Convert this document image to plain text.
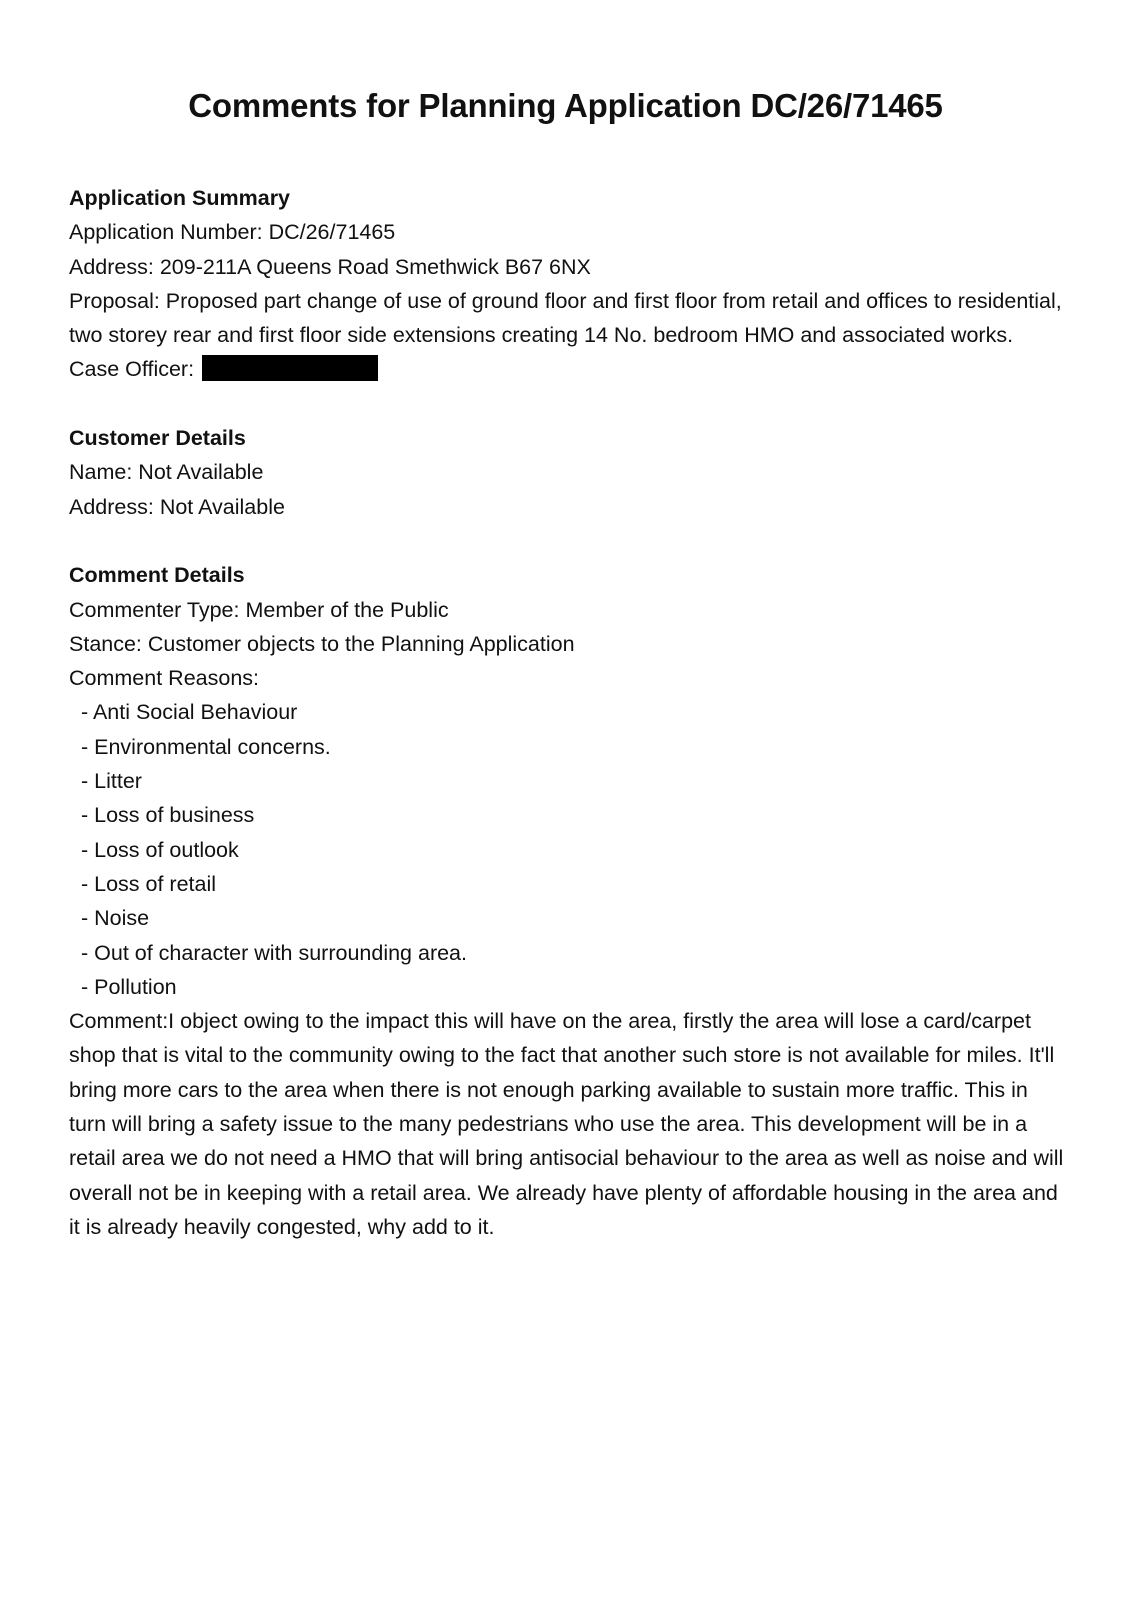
Comments for Planning Application DC/26/71465
Application Summary

Application Number: DC/26/71465

Address: 209-211A Queens Road Smethwick B67 6NX

Proposal: Proposed part change of use of ground floor and first floor from retail and offices to residential, two storey rear and first floor side extensions creating 14 No. bedroom HMO and associated works.

Case Officer:

Customer Details

Name: Not Available

Address: Not Available

Comment Details

Commenter Type: Member of the Public

Stance: Customer objects to the Planning Application

Comment Reasons:

- Anti Social Behaviour
- Environmental concerns.
- Litter
- Loss of business
- Loss of outlook
- Loss of retail
- Noise
- Out of character with surrounding area.
- Pollution

Comment:I object owing to the impact this will have on the area, firstly the area will lose a card/carpet shop that is vital to the community owing to the fact that another such store is not available for miles. It'll bring more cars to the area when there is not enough parking available to sustain more traffic. This in turn will bring a safety issue to the many pedestrians who use the area. This development will be in a retail area we do not need a HMO that will bring antisocial behaviour to the area as well as noise and will overall not be in keeping with a retail area. We already have plenty of affordable housing in the area and it is already heavily congested, why add to it.
